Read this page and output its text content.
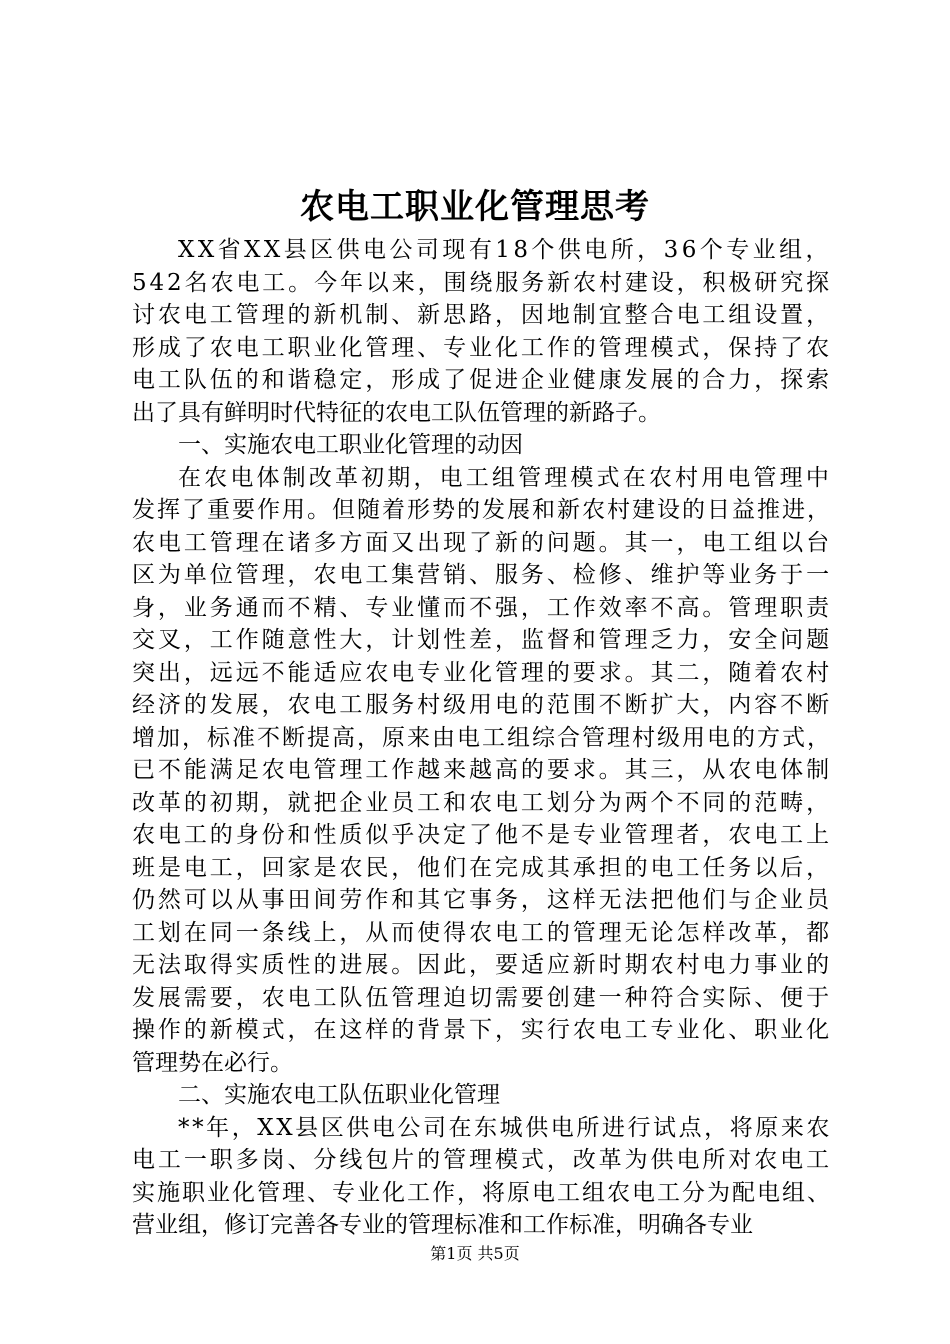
农电工职业化管理思考
XX省XX县区供电公司现有18个供电所，36个专业组，
542名农电工。今年以来，围绕服务新农村建设，积极研究探
讨农电工管理的新机制、新思路，因地制宜整合电工组设置，
形成了农电工职业化管理、专业化工作的管理模式，保持了农
电工队伍的和谐稳定，形成了促进企业健康发展的合力，探索
出了具有鲜明时代特征的农电工队伍管理的新路子。
一、实施农电工职业化管理的动因
在农电体制改革初期，电工组管理模式在农村用电管理中
发挥了重要作用。但随着形势的发展和新农村建设的日益推进，
农电工管理在诸多方面又出现了新的问题。其一，电工组以台
区为单位管理，农电工集营销、服务、检修、维护等业务于一
身，业务通而不精、专业懂而不强，工作效率不高。管理职责
交叉，工作随意性大，计划性差，监督和管理乏力，安全问题
突出，远远不能适应农电专业化管理的要求。其二，随着农村
经济的发展，农电工服务村级用电的范围不断扩大，内容不断
增加，标准不断提高，原来由电工组综合管理村级用电的方式，
已不能满足农电管理工作越来越高的要求。其三，从农电体制
改革的初期，就把企业员工和农电工划分为两个不同的范畴，
农电工的身份和性质似乎决定了他不是专业管理者，农电工上
班是电工，回家是农民，他们在完成其承担的电工任务以后，
仍然可以从事田间劳作和其它事务，这样无法把他们与企业员
工划在同一条线上，从而使得农电工的管理无论怎样改革，都
无法取得实质性的进展。因此，要适应新时期农村电力事业的
发展需要，农电工队伍管理迫切需要创建一种符合实际、便于
操作的新模式，在这样的背景下，实行农电工专业化、职业化
管理势在必行。
二、实施农电工队伍职业化管理
**年，XX县区供电公司在东城供电所进行试点，将原来农
电工一职多岗、分线包片的管理模式，改革为供电所对农电工
实施职业化管理、专业化工作，将原电工组农电工分为配电组、
营业组，修订完善各专业的管理标准和工作标准，明确各专业
第1页 共5页
